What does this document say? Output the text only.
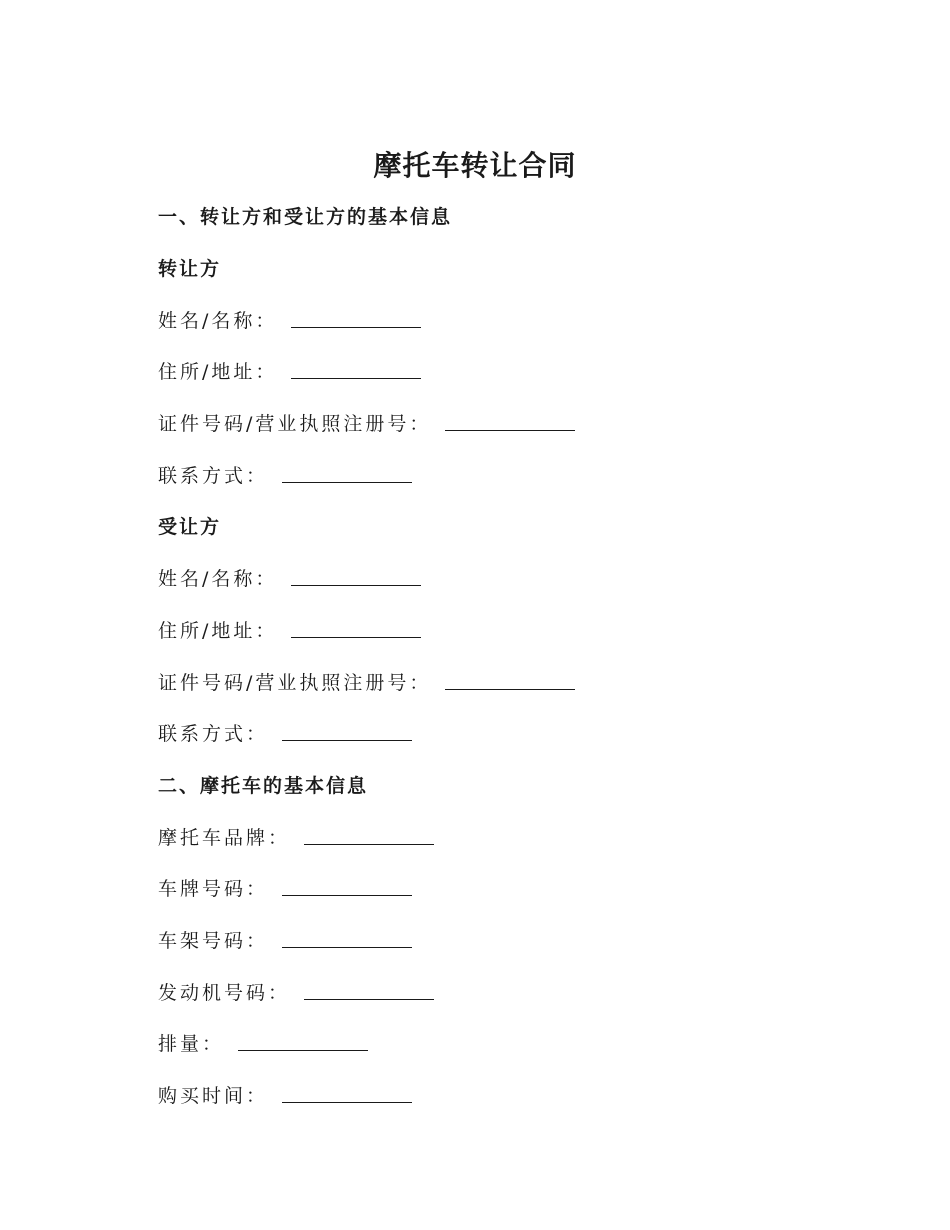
摩托车转让合同
一、转让方和受让方的基本信息
转让方
姓名/名称：
住所/地址：
证件号码/营业执照注册号：
联系方式：
受让方
姓名/名称：
住所/地址：
证件号码/营业执照注册号：
联系方式：
二、摩托车的基本信息
摩托车品牌：
车牌号码：
车架号码：
发动机号码：
排量：
购买时间：
